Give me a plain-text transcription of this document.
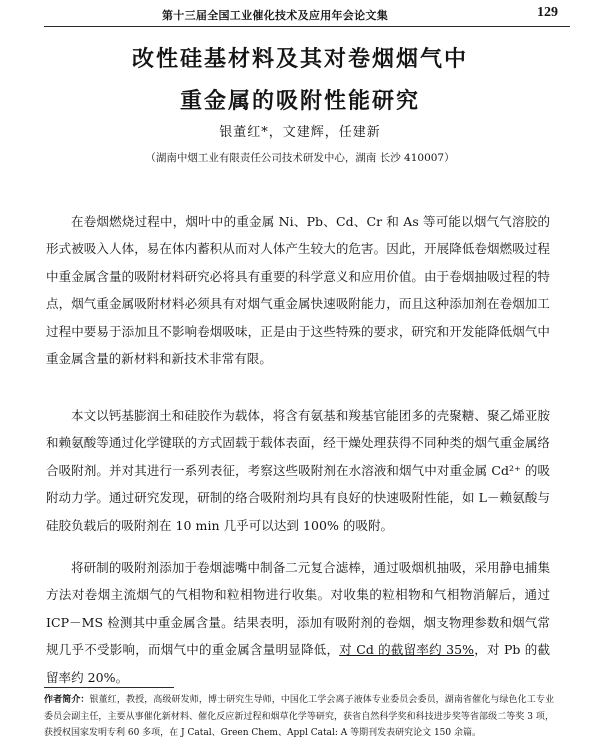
第十三届全国工业催化技术及应用年会论文集	129
改性硅基材料及其对卷烟烟气中
重金属的吸附性能研究
银董红*，文建辉，任建新
（湖南中烟工业有限责任公司技术研发中心，湖南 长沙 410007）

在卷烟燃烧过程中，烟叶中的重金属 Ni、Pb、Cd、Cr 和 As 等可能以烟气气溶胶的形式被吸入人体，易在体内蓄积从而对人体产生较大的危害。因此，开展降低卷烟燃吸过程中重金属含量的吸附材料研究必将具有重要的科学意义和应用价值。由于卷烟抽吸过程的特点，烟气重金属吸附材料必须具有对烟气重金属快速吸附能力，而且这种添加剂在卷烟加工过程中要易于添加且不影响卷烟吸味，正是由于这些特殊的要求，研究和开发能降低烟气中重金属含量的新材料和新技术非常有限。

本文以钙基膨润土和硅胶作为载体，将含有氨基和羧基官能团多的壳聚糖、聚乙烯亚胺和赖氨酸等通过化学键联的方式固载于载体表面，经干燥处理获得不同种类的烟气重金属络合吸附剂。并对其进行一系列表征，考察这些吸附剂在水溶液和烟气中对重金属 Cd²⁺ 的吸附动力学。通过研究发现，研制的络合吸附剂均具有良好的快速吸附性能，如 L－赖氨酸与硅胶负载后的吸附剂在 10 min 几乎可以达到 100% 的吸附。

将研制的吸附剂添加于卷烟滤嘴中制备二元复合滤棒，通过吸烟机抽吸，采用静电捕集方法对卷烟主流烟气的气相物和粒相物进行收集。对收集的粒相物和气相物消解后，通过 ICP－MS 检测其中重金属含量。结果表明，添加有吸附剂的卷烟，烟支物理参数和烟气常规几乎不受影响，而烟气中的重金属含量明显降低，对 Cd 的截留率约 35%，对 Pb 的截留率约 20%。

作者简介：银董红，教授，高级研发师，博士研究生导师，中国化工学会离子液体专业委员会委员，湖南省催化与绿色化工专业委员会副主任，主要从事催化新材料、催化反应新过程和烟草化学等研究，获省自然科学奖和科技进步奖等省部级二等奖 3 项，获授权国家发明专利 60 多项，在 J Catal、Green Chem、Appl Catal: A 等期刊发表研究论文 150 余篇。
